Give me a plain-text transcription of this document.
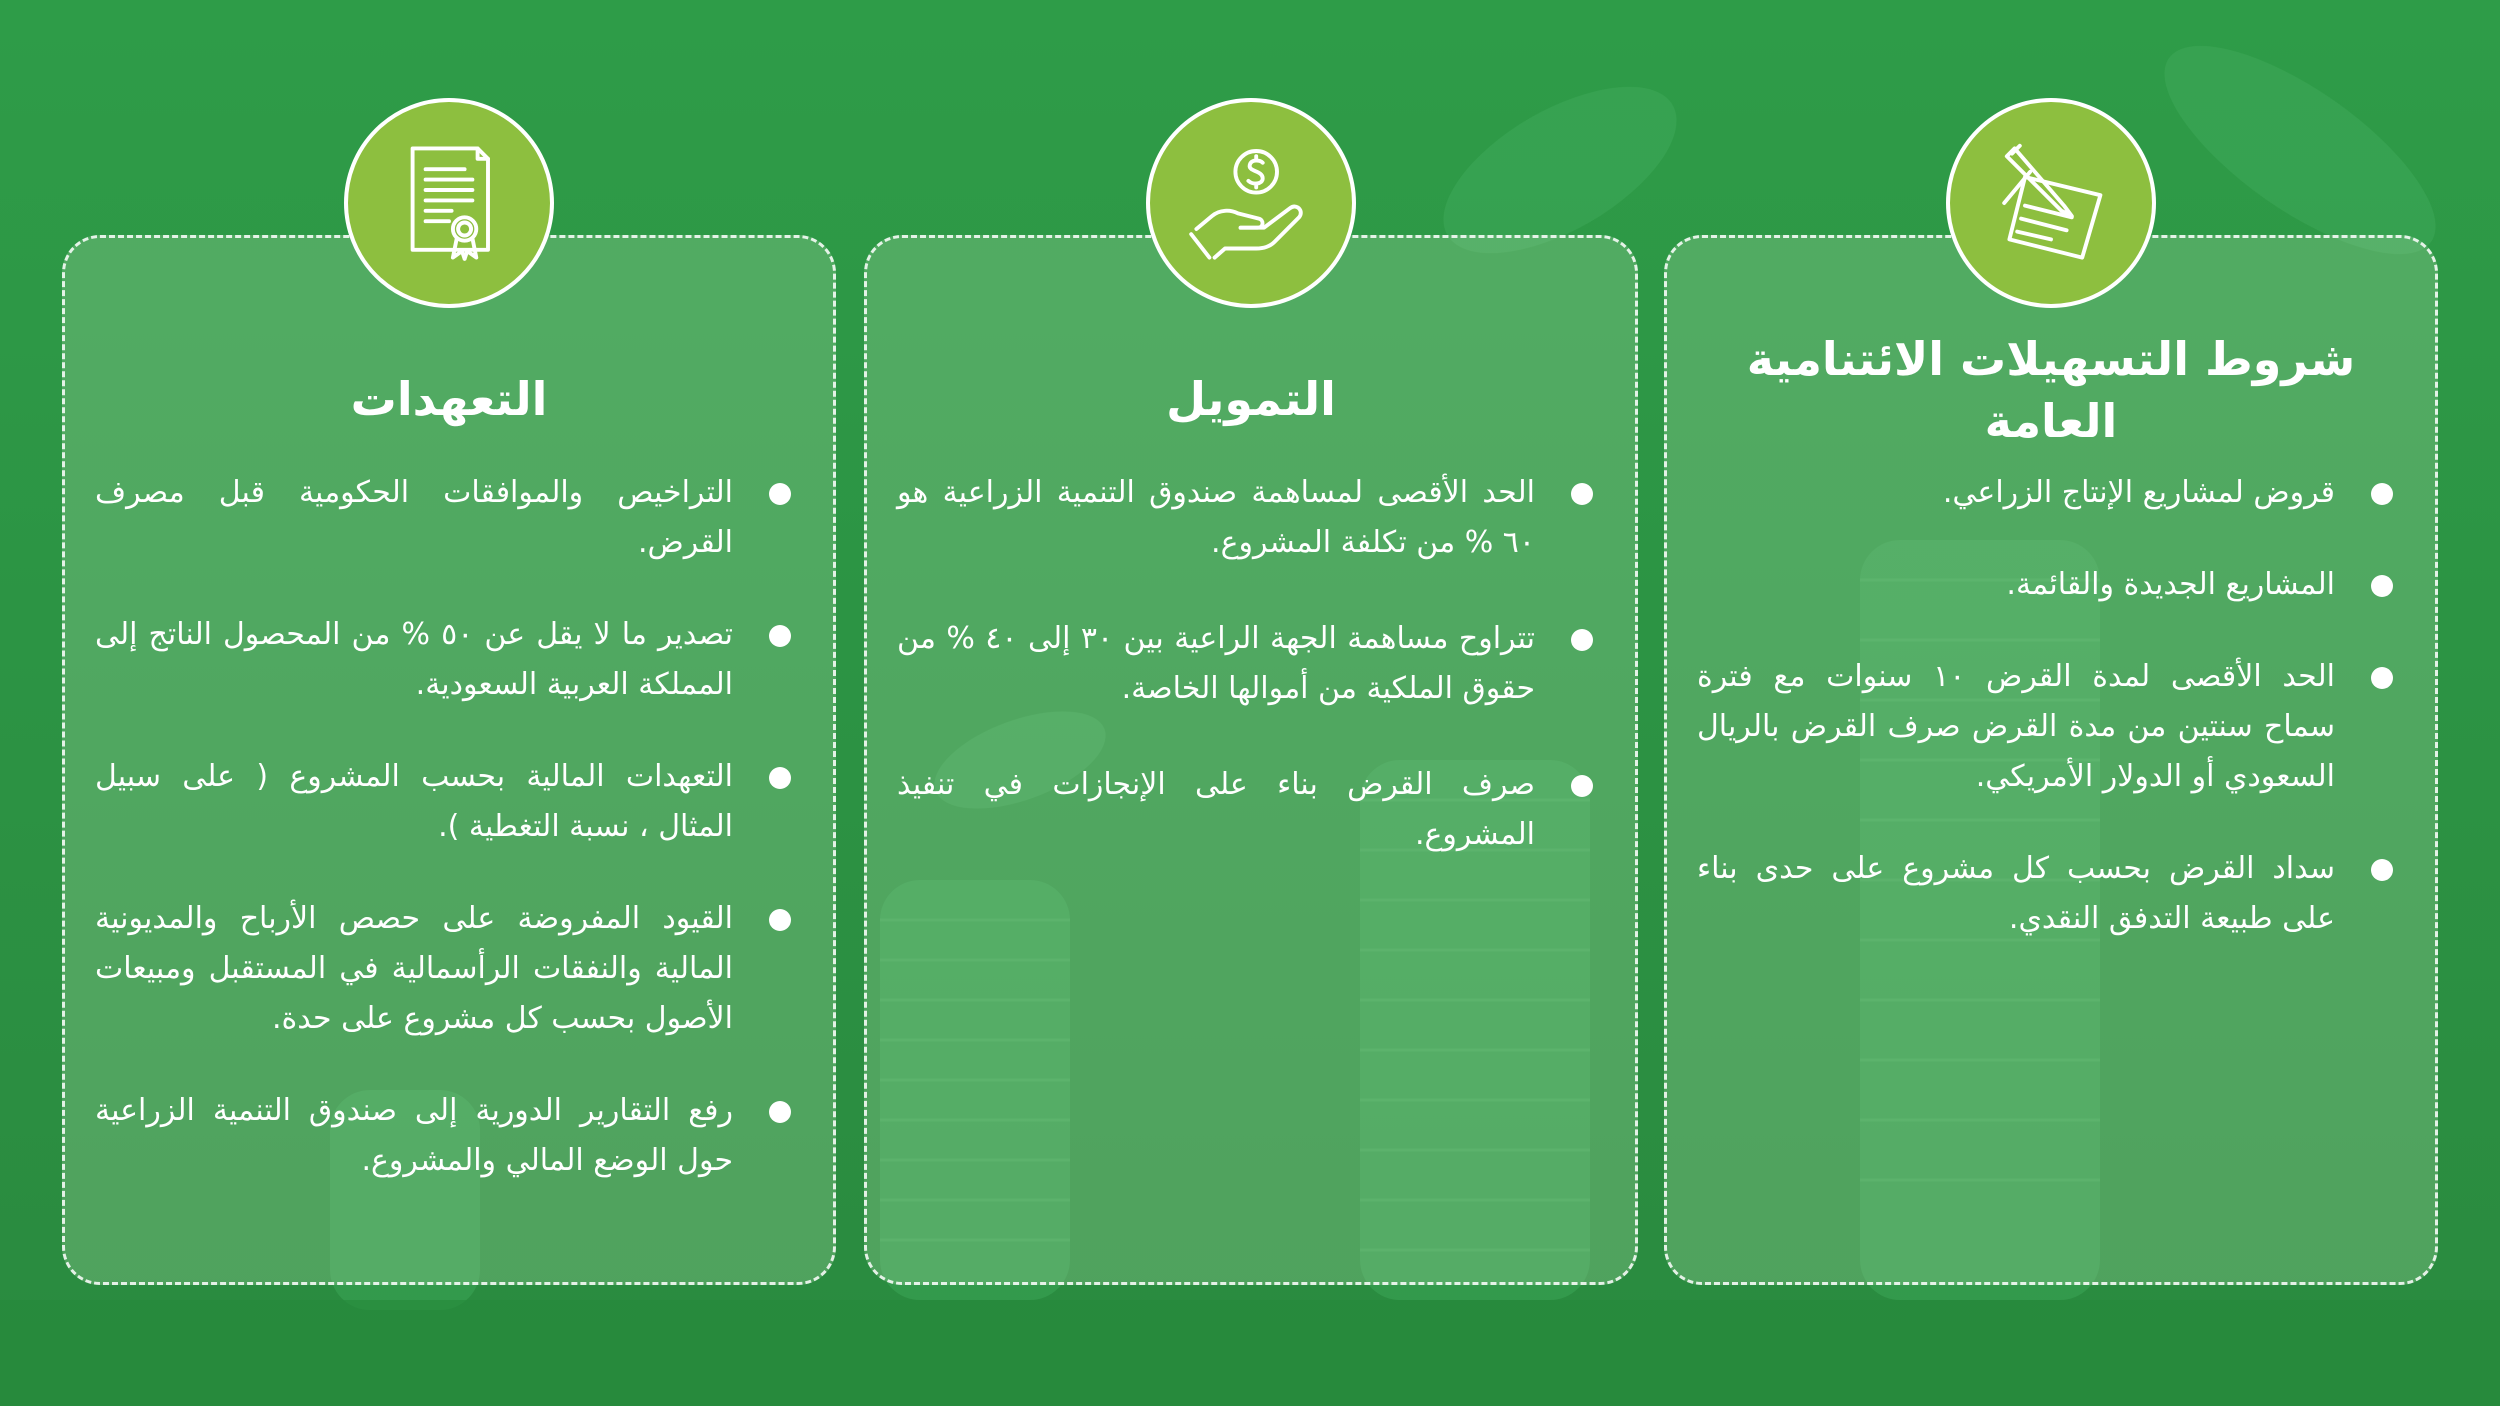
التعهدات
التراخيص والموافقات الحكومية قبل مصرف القرض.
تصدير ما لا يقل عن ٥٠ % من المحصول الناتج إلى المملكة العربية السعودية.
التعهدات المالية بحسب المشروع ( على سبيل المثال ، نسبة التغطية ).
القيود المفروضة على حصص الأرباح والمديونية المالية والنفقات الرأسمالية في المستقبل ومبيعات الأصول بحسب كل مشروع على حدة.
رفع التقارير الدورية إلى صندوق التنمية الزراعية حول الوضع المالي والمشروع.
التمويل
الحد الأقصى لمساهمة صندوق التنمية الزراعية هو ٦٠ % من تكلفة المشروع.
تتراوح مساهمة الجهة الراعية بين ٣٠ إلى ٤٠ % من حقوق الملكية من أموالها الخاصة.
صرف القرض بناء على الإنجازات في تنفيذ المشروع.
شروط التسهيلات الائتنامية العامة
قروض لمشاريع الإنتاج الزراعي.
المشاريع الجديدة والقائمة.
الحد الأقصى لمدة القرض ١٠ سنوات مع فترة سماح سنتين من مدة القرض صرف القرض بالريال السعودي أو الدولار الأمريكي.
سداد القرض بحسب كل مشروع على حدى بناء على طبيعة التدفق النقدي.
